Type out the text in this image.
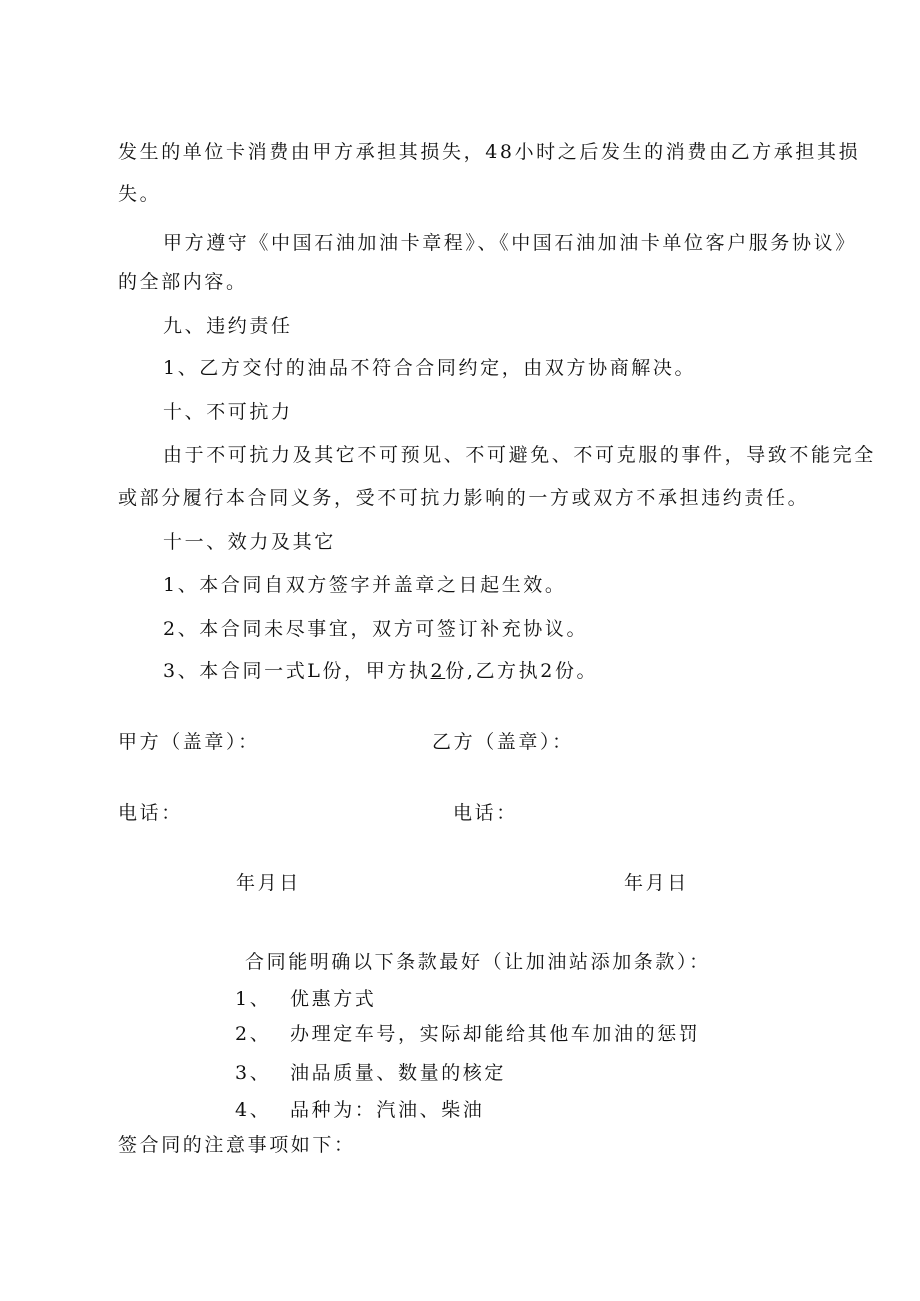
发生的单位卡消费由甲方承担其损失，48小时之后发生的消费由乙方承担其损
失。
甲方遵守《中国石油加油卡章程》、《中国石油加油卡单位客户服务协议》
的全部内容。
九、违约责任
1、乙方交付的油品不符合合同约定，由双方协商解决。
十、不可抗力
由于不可抗力及其它不可预见、不可避免、不可克服的事件，导致不能完全
或部分履行本合同义务，受不可抗力影响的一方或双方不承担违约责任。
十一、效力及其它
1、本合同自双方签字并盖章之日起生效。
2、本合同未尽事宜，双方可签订补充协议。
3、本合同一式L份，甲方执2份,乙方执2份。
甲方（盖章）：	乙方（盖章）：
电话：	电话：
年月日	年月日
合同能明确以下条款最好（让加油站添加条款）：
1、 优惠方式
2、 办理定车号，实际却能给其他车加油的惩罚
3、 油品质量、数量的核定
4、 品种为：汽油、柴油
签合同的注意事项如下：
